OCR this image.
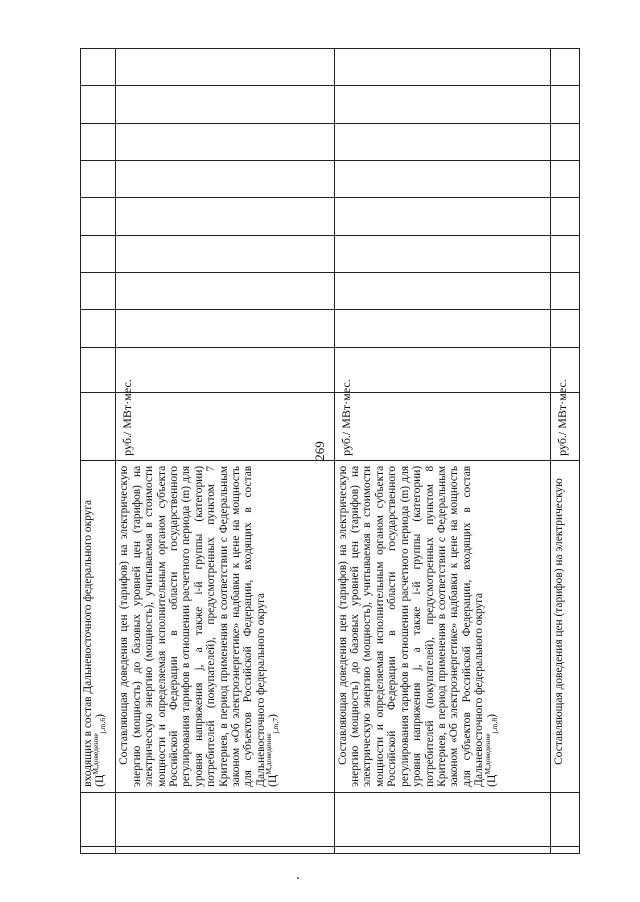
269

		входящих в состав Дальневосточного федерального округа $(Ц^{М,доведение}_{j,m,6})$										

		Составляющая доведения цен (тарифов) на электрическую энергию (мощность) до базовых уровней цен (тарифов) на электрическую энергию (мощность), учитываемая в стоимости мощности и определяемая исполнительным органом субъекта Российской Федерации в области государственного регулирования тарифов в отношении расчетного периода (m) для уровня напряжения j, а также i-й группы (категории) потребителей (покупателей), предусмотренных пунктом 7 Критериев, в период применения в соответствии с Федеральным законом «Об электроэнергетике» надбавки к цене на мощность для субъектов Российской Федерации, входящих в состав Дальневосточного федерального округа $(Ц^{М,доведение}_{j,m,7})$	руб./ МВт·мес.									

		Составляющая доведения цен (тарифов) на электрическую энергию (мощность) до базовых уровней цен (тарифов) на электрическую энергию (мощность), учитываемая в стоимости мощности и определяемая исполнительным органом субъекта Российской Федерации в области государственного регулирования тарифов в отношении расчетного периода (m) для уровня напряжения j, а также i-й группы (категории) потребителей (покупателей), предусмотренных пунктом 8 Критериев, в период применения в соответствии с Федеральным законом «Об электроэнергетике» надбавки к цене на мощность для субъектов Российской Федерации, входящих в состав Дальневосточного федерального округа $(Ц^{М,доведение}_{j,m,8})$	руб./ МВт·мес.									

		Составляющая доведения цен (тарифов) на электрическую	руб./ МВт·мес.									
